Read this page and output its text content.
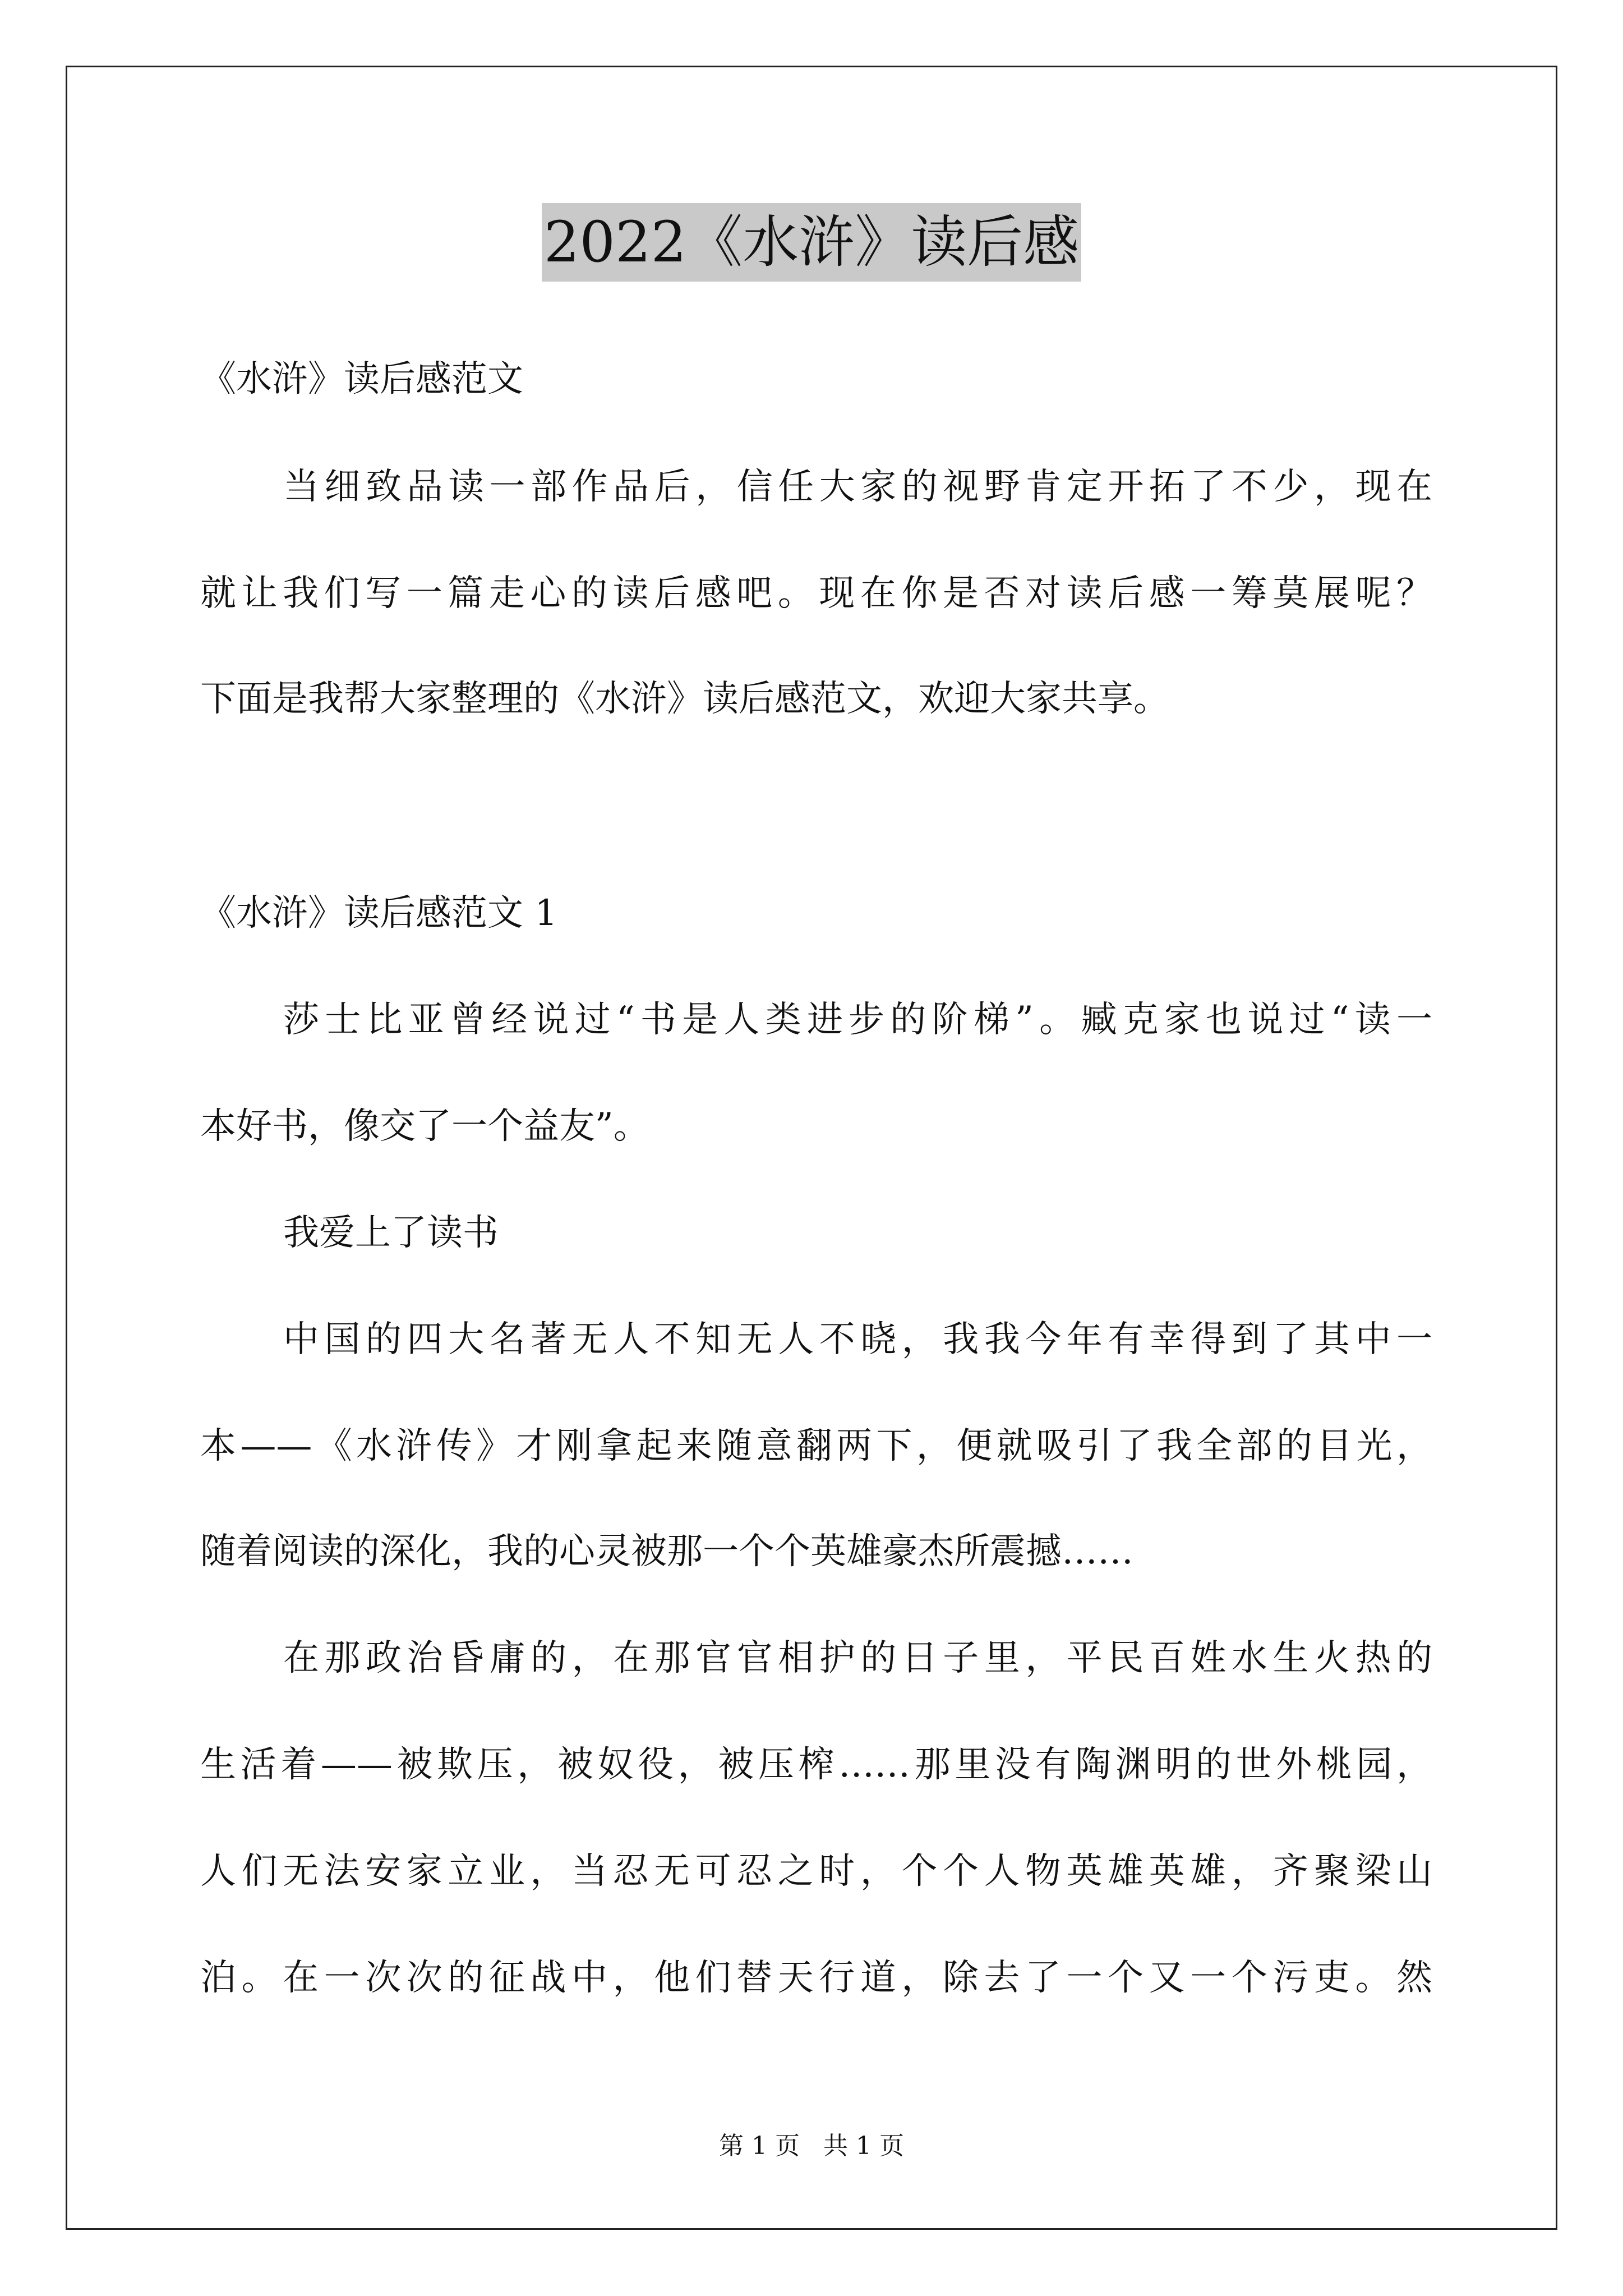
2022《水浒》读后感

《水浒》读后感范文

当细致品读一部作品后，信任大家的视野肯定开拓了不少，现在

就让我们写一篇走心的读后感吧。现在你是否对读后感一筹莫展呢？

下面是我帮大家整理的《水浒》读后感范文，欢迎大家共享。

《水浒》读后感范文 1

莎士比亚曾经说过“书是人类进步的阶梯”。臧克家也说过“读一

本好书，像交了一个益友”。

我爱上了读书

中国的四大名著无人不知无人不晓，我我今年有幸得到了其中一

本——《水浒传》才刚拿起来随意翻两下，便就吸引了我全部的目光，

随着阅读的深化，我的心灵被那一个个英雄豪杰所震撼……

在那政治昏庸的，在那官官相护的日子里，平民百姓水生火热的

生活着——被欺压，被奴役，被压榨……那里没有陶渊明的世外桃园，

人们无法安家立业，当忍无可忍之时，个个人物英雄英雄，齐聚梁山

泊。在一次次的征战中，他们替天行道，除去了一个又一个污吏。然

第 1 页   共 1 页
